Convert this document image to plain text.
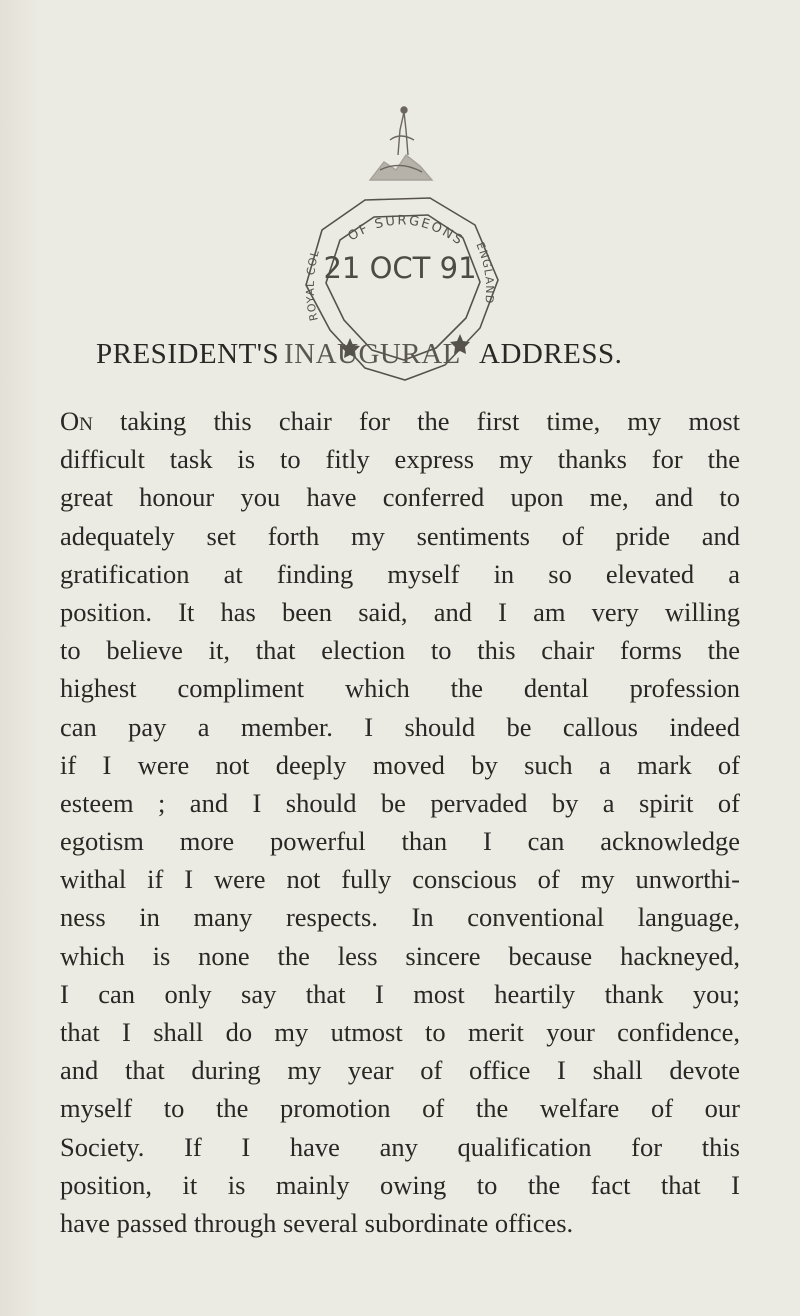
OF SURGEONS
ROYAL COL
ENGLAND
21 OCT 91
PRESIDENT'S INAUGURAL ADDRESS.
On taking this chair for the first time, my most
difficult task is to fitly express my thanks for the
great honour you have conferred upon me, and to
adequately set forth my sentiments of pride and
gratification at finding myself in so elevated a
position. It has been said, and I am very willing
to believe it, that election to this chair forms the
highest compliment which the dental profession
can pay a member. I should be callous indeed
if I were not deeply moved by such a mark of
esteem ; and I should be pervaded by a spirit of
egotism more powerful than I can acknowledge
withal if I were not fully conscious of my unworthi-
ness in many respects. In conventional language,
which is none the less sincere because hackneyed,
I can only say that I most heartily thank you;
that I shall do my utmost to merit your confidence,
and that during my year of office I shall devote
myself to the promotion of the welfare of our
Society. If I have any qualification for this
position, it is mainly owing to the fact that I
have passed through several subordinate offices.
